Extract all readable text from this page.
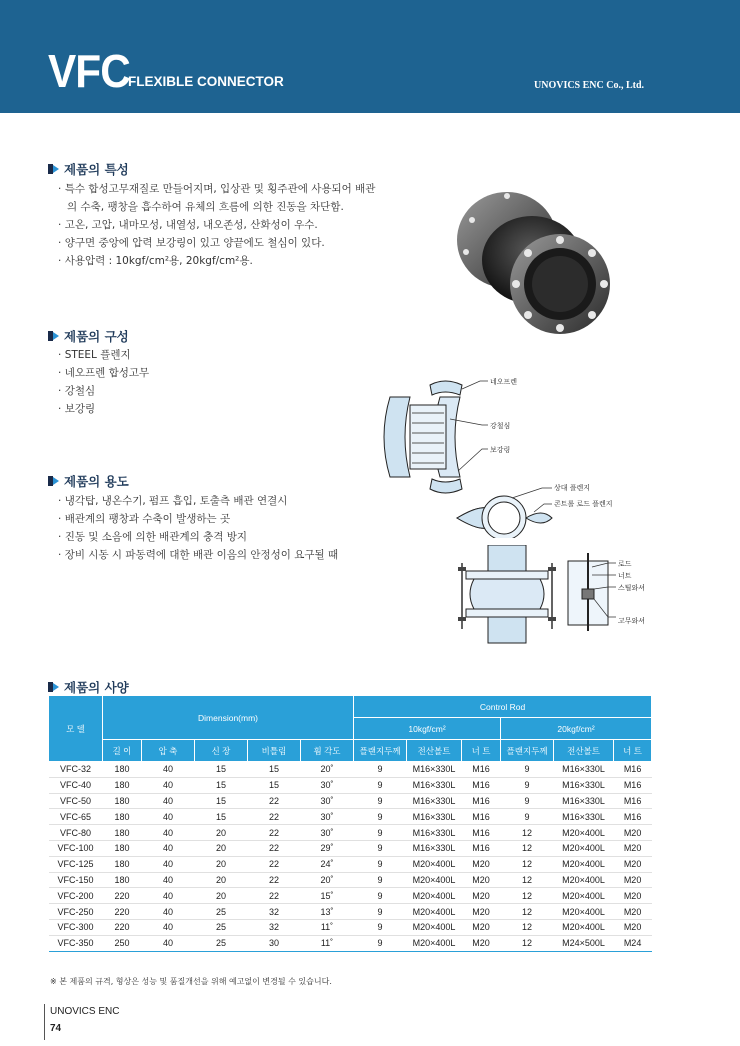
VFC
FLEXIBLE CONNECTOR	UNOVICS ENC Co., Ltd.
제품의 특성
· 특수 합성고무재질로 만들어지며, 입상관 및 횡주관에 사용되어 배관
의 수축, 팽창을 흡수하여 유체의 흐름에 의한 진동을 차단함.
· 고온, 고압, 내마모성, 내열성, 내오존성, 산화성이 우수.
· 양구면 중앙에 압력 보강링이 있고 양끝에도 철심이 있다.
· 사용압력 : 10kgf/cm²용, 20kgf/cm²용.
제품의 구성
· STEEL 플렌지
· 네오프렌 합성고무
· 강철심
· 보강링
네오프렌
강철심
보강링
상대 플렌지
콘트롤 로드 플렌지
로드
너트
스틸와셔
고무와셔
제품의 용도
· 냉각탑, 냉온수기, 펌프 흡입, 토출측 배관 연결시
· 배관계의 팽창과 수축이 발생하는 곳
· 진동 및 소음에 의한 배관계의 충격 방지
· 장비 시동 시 파동력에 대한 배관 이음의 안정성이 요구될 때
제품의 사양
모 델	Dimension(mm)					Control Rod					
						10kgf/cm²			20kgf/cm²		
	길 이	압 축	신 장	비틀림	휨 각도	플랜지두께	전산볼트	너 트	플랜지두께	전산볼트	너 트
VFC-32	180	40	15	15	20˚	9	M16×330L	M16	9	M16×330L	M16
VFC-40	180	40	15	15	30˚	9	M16×330L	M16	9	M16×330L	M16
VFC-50	180	40	15	22	30˚	9	M16×330L	M16	9	M16×330L	M16
VFC-65	180	40	15	22	30˚	9	M16×330L	M16	9	M16×330L	M16
VFC-80	180	40	20	22	30˚	9	M16×330L	M16	12	M20×400L	M20
VFC-100	180	40	20	22	29˚	9	M16×330L	M16	12	M20×400L	M20
VFC-125	180	40	20	22	24˚	9	M20×400L	M20	12	M20×400L	M20
VFC-150	180	40	20	22	20˚	9	M20×400L	M20	12	M20×400L	M20
VFC-200	220	40	20	22	15˚	9	M20×400L	M20	12	M20×400L	M20
VFC-250	220	40	25	32	13˚	9	M20×400L	M20	12	M20×400L	M20
VFC-300	220	40	25	32	11˚	9	M20×400L	M20	12	M20×400L	M20
VFC-350	250	40	25	30	11˚	9	M20×400L	M20	12	M24×500L	M24
※ 본 제품의 규격, 형상은 성능 및 품질개선을 위해 예고없이 변경될 수 있습니다.
UNOVICS ENC
74
